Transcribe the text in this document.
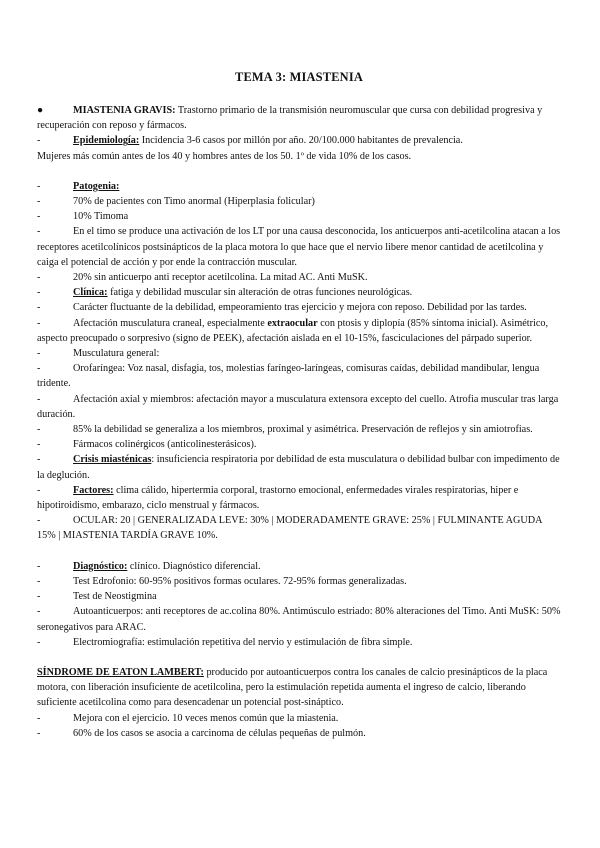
TEMA 3: MIASTENIA

●	MIASTENIA GRAVIS: Trastorno primario de la transmisión neuromuscular que cursa con debilidad progresiva y recuperación con reposo y fármacos.

-	Epidemiología: Incidencia 3-6 casos por millón por año. 20/100.000 habitantes de prevalencia.

Mujeres más común antes de los 40 y hombres antes de los 50. 1º de vida 10% de los casos.

-	Patogenia:

-	70% de pacientes con Timo anormal (Hiperplasia folicular)

-	10% Timoma

-	En el timo se produce una activación de los LT por una causa desconocida, los anticuerpos anti-acetilcolina atacan a los receptores acetilcolínicos postsinápticos de la placa motora lo que hace que el nervio libere menor cantidad de acetilcolina y caiga el potencial de acción y por ende la contracción muscular.

-	20% sin anticuerpo anti receptor acetilcolina. La mitad AC. Anti MuSK.

-	Clínica: fatiga y debilidad muscular sin alteración de otras funciones neurológicas.

-	Carácter fluctuante de la debilidad, empeoramiento tras ejercicio y mejora con reposo. Debilidad por las tardes.

-	Afectación musculatura craneal, especialmente extraocular con ptosis y diplopía (85% síntoma inicial). Asimétrico, aspecto preocupado o sorpresivo (signo de PEEK), afectación aislada en el 10-15%, fasciculaciones del párpado superior.

-	Musculatura general:

-	Orofaríngea: Voz nasal, disfagia, tos, molestias faríngeo-laríngeas, comisuras caídas, debilidad mandibular, lengua tridente.

-	Afectación axial y miembros: afectación mayor a musculatura extensora excepto del cuello. Atrofia muscular tras larga duración.

-	85% la debilidad se generaliza a los miembros, proximal y asimétrica. Preservación de reflejos y sin amiotrofias.

-	Fármacos colinérgicos (anticolinesterásicos).

-	Crisis miasténicas: insuficiencia respiratoria por debilidad de esta musculatura o debilidad bulbar con impedimento de la deglución.

-	Factores: clima cálido, hipertermia corporal, trastorno emocional, enfermedades virales respiratorias, hiper e hipotiroidismo, embarazo, ciclo menstrual y fármacos.

-	OCULAR: 20 | GENERALIZADA LEVE: 30% | MODERADAMENTE GRAVE: 25% | FULMINANTE AGUDA 15% | MIASTENIA TARDÍA GRAVE 10%.

-	Diagnóstico: clínico. Diagnóstico diferencial.

-	Test Edrofonio: 60-95% positivos formas oculares. 72-95% formas generalizadas.

-	Test de Neostigmina

-	Autoanticuerpos: anti receptores de ac.colina 80%. Antimúsculo estriado: 80% alteraciones del Timo. Anti MuSK: 50% seronegativos para ARAC.

-	Electromiografía: estimulación repetitiva del nervio y estimulación de fibra simple.

SÍNDROME DE EATON LAMBERT: producido por autoanticuerpos contra los canales de calcio presinápticos de la placa motora, con liberación insuficiente de acetilcolina, pero la estimulación repetida aumenta el ingreso de calcio, liberando suficiente acetilcolina como para desencadenar un potencial post-sináptico.

-	Mejora con el ejercicio. 10 veces menos común que la miastenia.

-	60% de los casos se asocia a carcinoma de células pequeñas de pulmón.
